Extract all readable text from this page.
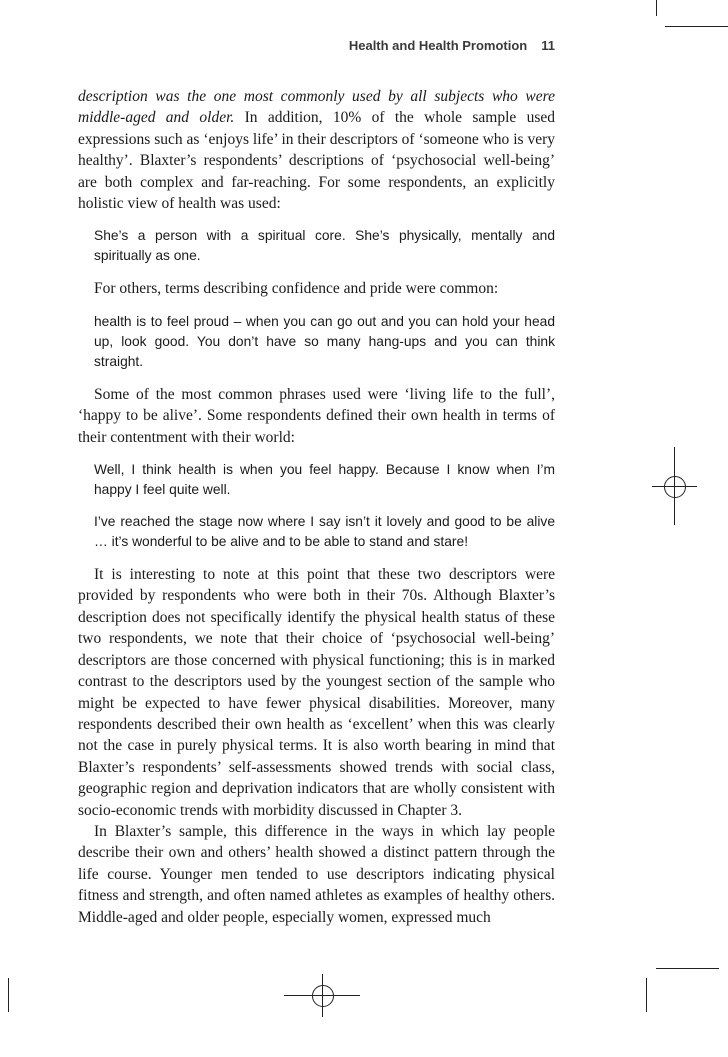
Health and Health Promotion 11

description was the one most commonly used by all subjects who were middle-aged and older. In addition, 10% of the whole sample used expressions such as ‘enjoys life’ in their descriptors of ‘someone who is very healthy’. Blaxter’s respondents’ descriptions of ‘psychosocial well-being’ are both complex and far-reaching. For some respondents, an explicitly holistic view of health was used:

She’s a person with a spiritual core. She’s physically, mentally and spiritually as one.

For others, terms describing confidence and pride were common:

health is to feel proud – when you can go out and you can hold your head up, look good. You don’t have so many hang-ups and you can think straight.

Some of the most common phrases used were ‘living life to the full’, ‘happy to be alive’. Some respondents defined their own health in terms of their contentment with their world:

Well, I think health is when you feel happy. Because I know when I’m happy I feel quite well.

I’ve reached the stage now where I say isn’t it lovely and good to be alive … it’s wonderful to be alive and to be able to stand and stare!

It is interesting to note at this point that these two descriptors were provided by respondents who were both in their 70s. Although Blaxter’s description does not specifically identify the physical health status of these two respondents, we note that their choice of ‘psychosocial well-being’ descriptors are those concerned with physical functioning; this is in marked contrast to the descriptors used by the youngest section of the sample who might be expected to have fewer physical disabilities. Moreover, many respondents described their own health as ‘excellent’ when this was clearly not the case in purely physical terms. It is also worth bearing in mind that Blaxter’s respondents’ self-assessments showed trends with social class, geographic region and deprivation indicators that are wholly consistent with socio-economic trends with morbidity discussed in Chapter 3.

In Blaxter’s sample, this difference in the ways in which lay people describe their own and others’ health showed a distinct pattern through the life course. Younger men tended to use descriptors indicating physical fitness and strength, and often named athletes as examples of healthy others. Middle-aged and older people, especially women, expressed much
